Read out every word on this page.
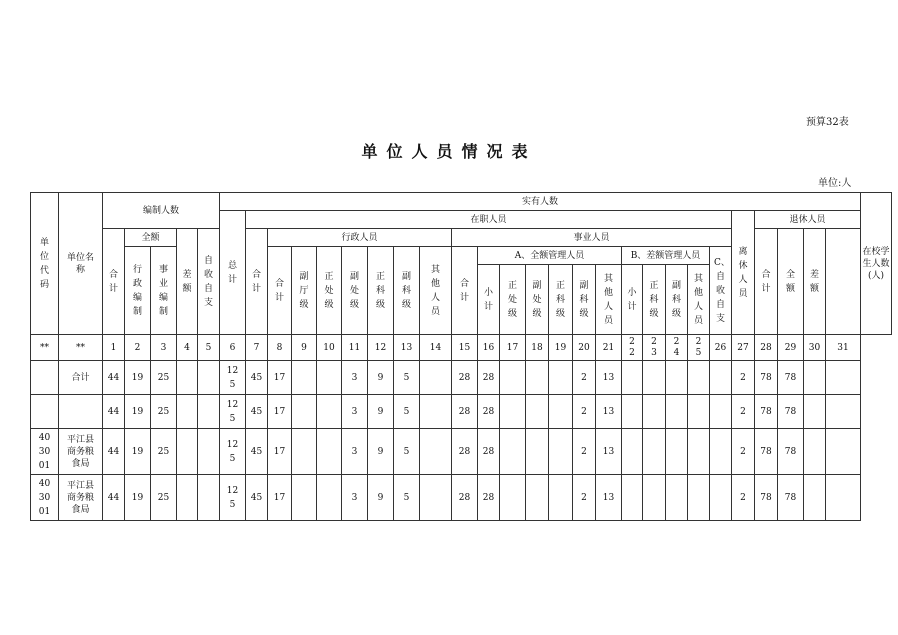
预算32表
单位人员情况表
单位:人
单位代码	单位名称	编制人数					实有人数																										在校学生人数(人)
							总计	在职人员																				离休人员	退休人员				
		合计	全额		差额	自收自支		合计	行政人员							事业人员													合计	全额	差额		
			行政编制	事业编制					合计	副厅级	正处级	副处级	正科级	副科级	其他人员	合计	A、全额管理人员						B、差额管理人员				C、自收自支						
																	小计	正处级	副处级	正科级	副科级	其他人员	小计	正科级	副科级	其他人员							
**	**	1	2	3	4	5	6	7	8	9	10	11	12	13	14	15	16	17	18	19	20	21	22	23	24	25	26	27	28	29	30	31	
	合计	44	19	25			125	45	17			3	9	5		28	28				2	13						2	78	78			
		44	19	25			125	45	17			3	9	5		28	28				2	13						2	78	78			
403001	平江县商务粮食局	44	19	25			125	45	17			3	9	5		28	28				2	13						2	78	78			
403001	平江县商务粮食局	44	19	25			125	45	17			3	9	5		28	28				2	13						2	78	78			
